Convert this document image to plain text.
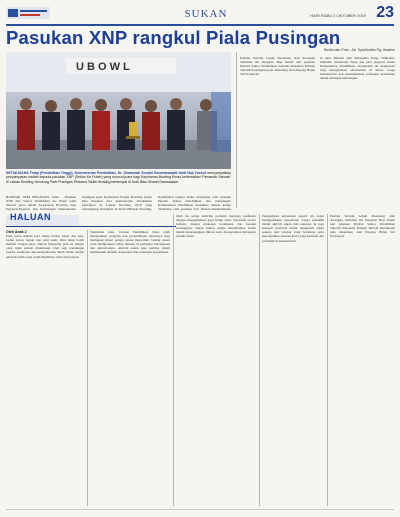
SUKAN	HARI RABU 2 OKTOBER 2019 23
Pasukan XNP rangkul Piala Pusingan
U B O W L
Berita dan Foto : Ak. Syarifuddin Pg. Ibrahim
SETIAUSAHA Tetap (Pendidikan Tinggi), Kementerian Pendidikan, Dr. Shamsiah Zuraini Kanchanawati binti Haji Yussof menyampaikan penyampaian hadiah kepada pasukan XNP (Sektor Ke Puteh) yang muncul juara bagi Kejohanan Bowling Emas bertemakan 'Pemandu Sebuah' di Laluan Bowling Jerudong Park Pusingan Pertama Tarikh Bowling bertempat di Arah Baru Brunei Darussalam.
Pemain Terbaik Lelaki disandang oleh Awangku Saifullah bin Pengiran Haji Ismail dari pasukan Pejabat Sektor Pendidikan Sekolah manakala Pemain Terbaik Perempuan pula disandang oleh Dayang Hajah Siti Norhayati.
Ia turut dihadiri oleh Setiausaha Tetap, Timbalan-timbalan Setiausaha Tetap dan para pegawai kanan Kementerian Pendidikan. Kejohanan ini dianjurkan bagi mengeratkan silaturahim di antara warga kementerian dan meningkatkan semangat kesukanan dalam kalangan kakitangan.
BANDAR SERI BEGAWAN, Isnin - Pasukan XNP dari Sektor Pendidikan Ke Puteh telah muncul juara dalam Kejohanan Bowling bagi Pegawai-Pegawai dan Kakitangan Kementerian
Pusingan pada Kejohanan Tenpin Bowling antara Dua Pasukan dari Kementerian Pendidikan bertempat di Laluan Bowling 2019 yang berlangsung bertempat di Pusat Hiburan Bowling,
Kedudukan tempat kedua disandang oleh pasukan Pejabat Sektor Pendidikan dan Kakitangan Kementerian Pendidikan manakala tempat ketiga disandang oleh pasukan dari Jabatan Perkhidmatan
HALUAN
Oleh Anak 2
Pada suatu malam hari, kamu berasa penat dan lesu, badan terasa lemah dan kaki sakit. Kita tidak boleh melihat dengan jelas, fikiran melayang jauh ke tempat yang tidak pernah dikunjungi. Dari segi pandangan syariat, kesihatan dan kesejahteraan tubuh badan adalah amanah Allah yang wajib dipelihara oleh setiap insan.
Tambahan pula, Jabatan Pendidikan Khas telah mengadakan program dan pertandingan antaranya bagi memupuk minat pelajar untuk menceburi bidang sukan serta memperkasa bakat mereka di peringkat kebangsaan dan antarabangsa. Aktiviti sukan juga penting dalam membentuk disiplin, kerjasama dan semangat berpasukan.
Oleh itu setiap individu perlulah menjaga kesihatan dengan mengamalkan gaya hidup sihat, bersenam secara berkala, makan makanan berkhasiat dan berehat secukupnya. Sukan bukan sahaja menyihatkan badan malah menenangkan fikiran serta mengeratkan hubungan sesama insan.
Penganjuran kejohanan seperti ini dapat menggalakkan penyertaan warga pendidik dalam aktiviti sukan dan rekreasi. Ia juga menjadi platform untuk mengenali rakan sekerja dari jabatan yang berlainan serta mewujudkan suasana kerja yang harmoni dan produktif di kementerian.
Pemain Terbaik Lelaki disandang oleh Awangku Saifullah bin Pengiran Haji Ismail dari pasukan Pejabat Sektor Pendidikan Sekolah manakala Pemain Terbaik Perempuan pula disandang oleh Dayang Hajah Siti Norhayati.
